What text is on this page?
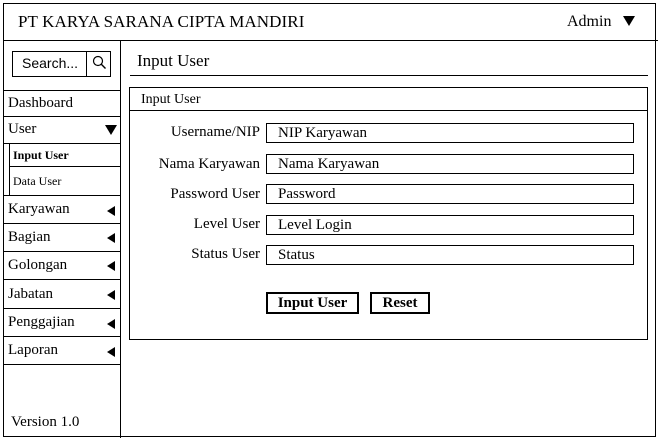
PT KARYA SARANA CIPTA MANDIRI	Admin
Search...
Dashboard
User
Input User
Data User
Karyawan
Bagian
Golongan
Jabatan
Penggajian
Laporan
Version 1.0
Input User
Input User
Username/NIP	NIP Karyawan
Nama Karyawan	Nama Karyawan
Password User	Password
Level User	Level Login
Status User	Status
Input User	Reset
